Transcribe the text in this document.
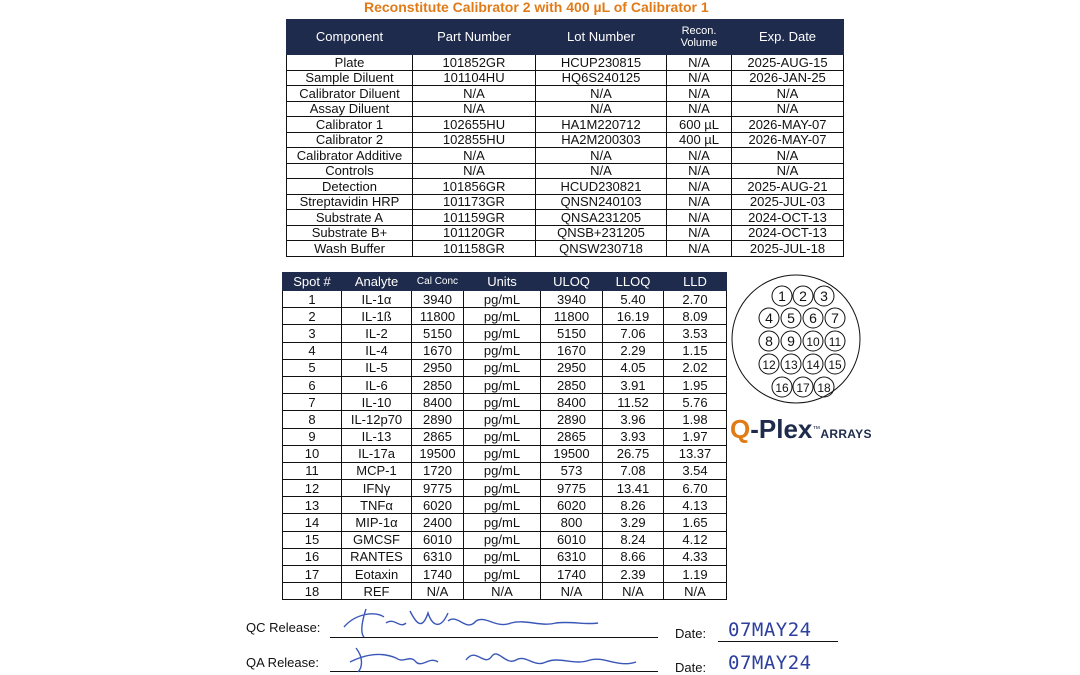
Reconstitute Calibrator 2 with 400 µL of Calibrator 1
Component	Part Number	Lot Number	Recon. Volume	Exp. Date
Plate	101852GR	HCUP230815	N/A	2025-AUG-15
Sample Diluent	101104HU	HQ6S240125	N/A	2026-JAN-25
Calibrator Diluent	N/A	N/A	N/A	N/A
Assay Diluent	N/A	N/A	N/A	N/A
Calibrator 1	102655HU	HA1M220712	600 µL	2026-MAY-07
Calibrator 2	102855HU	HA2M200303	400 µL	2026-MAY-07
Calibrator Additive	N/A	N/A	N/A	N/A
Controls	N/A	N/A	N/A	N/A
Detection	101856GR	HCUD230821	N/A	2025-AUG-21
Streptavidin HRP	101173GR	QNSN240103	N/A	2025-JUL-03
Substrate A	101159GR	QNSA231205	N/A	2024-OCT-13
Substrate B+	101120GR	QNSB+231205	N/A	2024-OCT-13
Wash Buffer	101158GR	QNSW230718	N/A	2025-JUL-18
Spot #	Analyte	Cal Conc	Units	ULOQ	LLOQ	LLD
1	IL-1α	3940	pg/mL	3940	5.40	2.70
2	IL-1ß	11800	pg/mL	11800	16.19	8.09
3	IL-2	5150	pg/mL	5150	7.06	3.53
4	IL-4	1670	pg/mL	1670	2.29	1.15
5	IL-5	2950	pg/mL	2950	4.05	2.02
6	IL-6	2850	pg/mL	2850	3.91	1.95
7	IL-10	8400	pg/mL	8400	11.52	5.76
8	IL-12p70	2890	pg/mL	2890	3.96	1.98
9	IL-13	2865	pg/mL	2865	3.93	1.97
10	IL-17a	19500	pg/mL	19500	26.75	13.37
11	MCP-1	1720	pg/mL	573	7.08	3.54
12	IFNγ	9775	pg/mL	9775	13.41	6.70
13	TNFα	6020	pg/mL	6020	8.26	4.13
14	MIP-1α	2400	pg/mL	800	3.29	1.65
15	GMCSF	6010	pg/mL	6010	8.24	4.12
16	RANTES	6310	pg/mL	6310	8.66	4.33
17	Eotaxin	1740	pg/mL	1740	2.39	1.19
18	REF	N/A	N/A	N/A	N/A	N/A
1 2 3
4 5 6 7
8 9 10 11
12 13 14 15
16 17 18
Q-Plex™ARRAYS
QC Release:	Date: 07MAY24
QA Release:	Date: 07MAY24
